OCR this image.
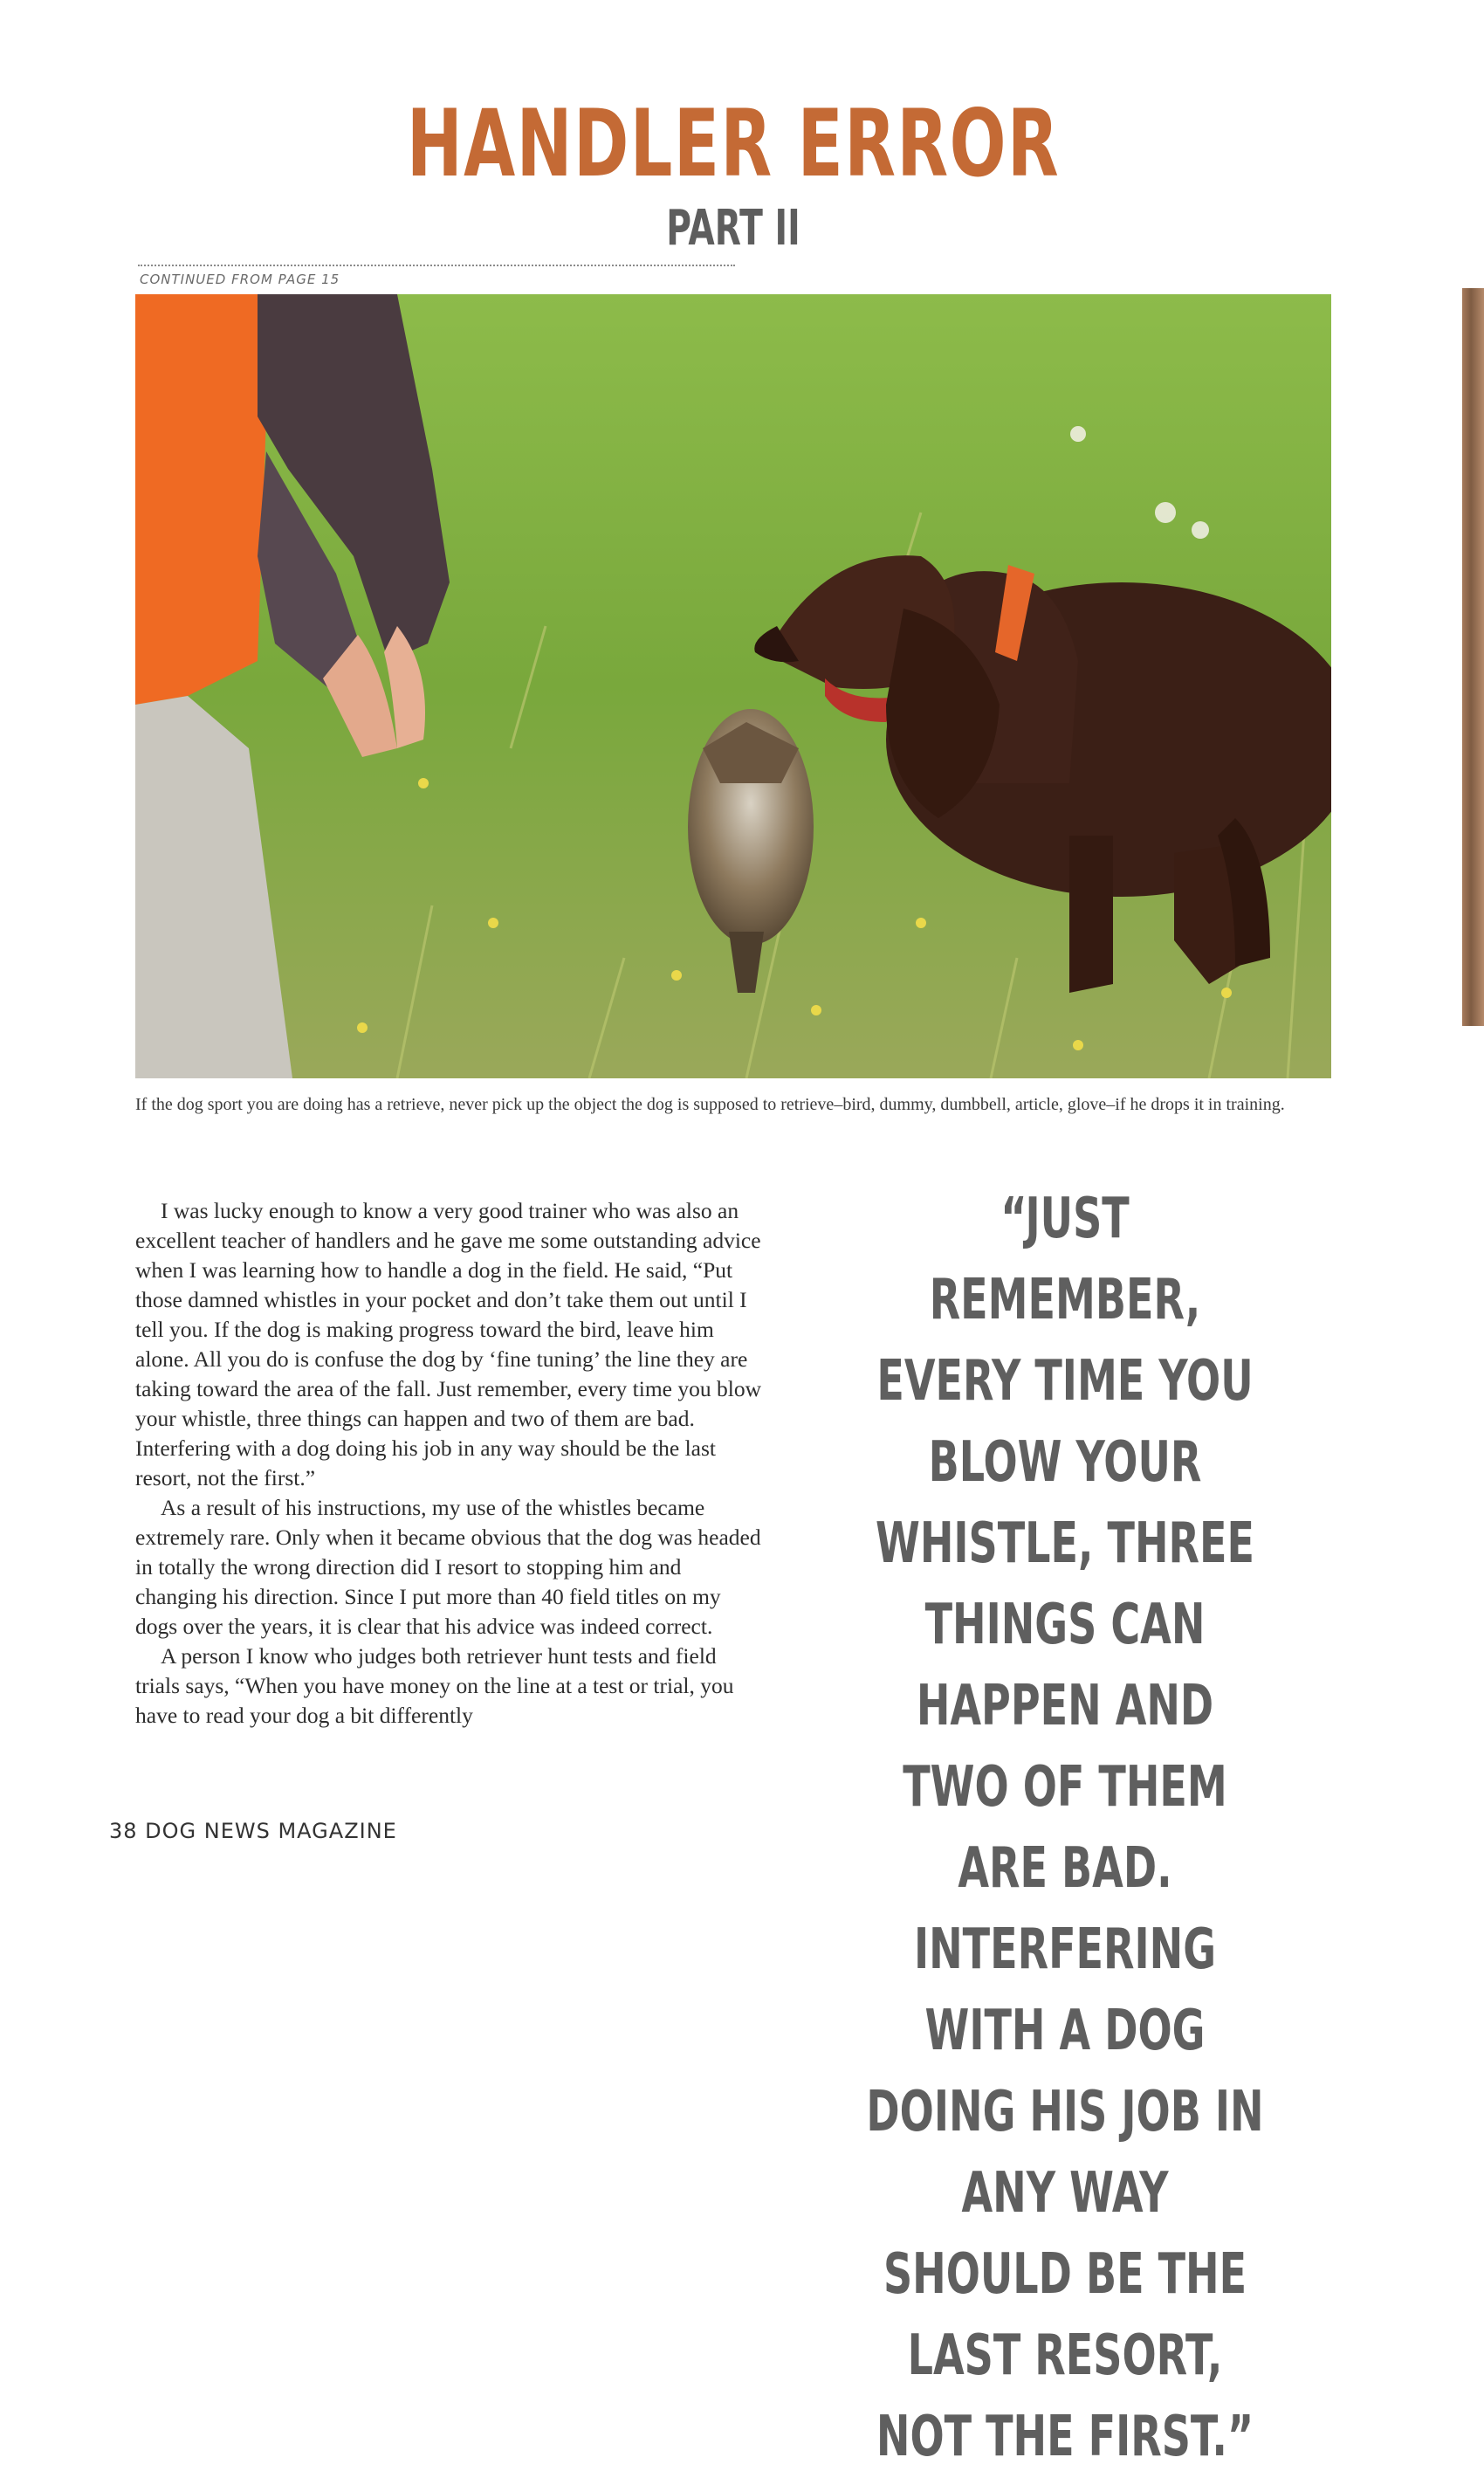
HANDLER ERROR
PART II
CONTINUED FROM PAGE 15

If the dog sport you are doing has a retrieve, never pick up the object the dog is supposed to retrieve–bird, dummy, dumbbell, article, glove–if he drops it in training.

I was lucky enough to know a very good trainer who was also an excellent teacher of handlers and he gave me some outstanding advice when I was learning how to handle a dog in the field. He said, “Put those damned whistles in your pocket and don’t take them out until I tell you. If the dog is making progress toward the bird, leave him alone. All you do is confuse the dog by ‘fine tuning’ the line they are taking toward the area of the fall. Just remember, every time you blow your whistle, three things can happen and two of them are bad. Interfering with a dog doing his job in any way should be the last resort, not the first.”

As a result of his instructions, my use of the whistles became extremely rare. Only when it became obvious that the dog was headed in totally the wrong direction did I resort to stopping him and changing his direction. Since I put more than 40 field titles on my dogs over the years, it is clear that his advice was indeed correct.

A person I know who judges both retriever hunt tests and field trials says, “When you have money on the line at a test or trial, you have to read your dog a bit differently

“JUST REMEMBER, EVERY TIME YOU BLOW YOUR WHISTLE, THREE THINGS CAN HAPPEN AND TWO OF THEM ARE BAD. INTERFERING WITH A DOG DOING HIS JOB IN ANY WAY SHOULD BE THE LAST RESORT, NOT THE FIRST.”

38 DOG NEWS MAGAZINE
